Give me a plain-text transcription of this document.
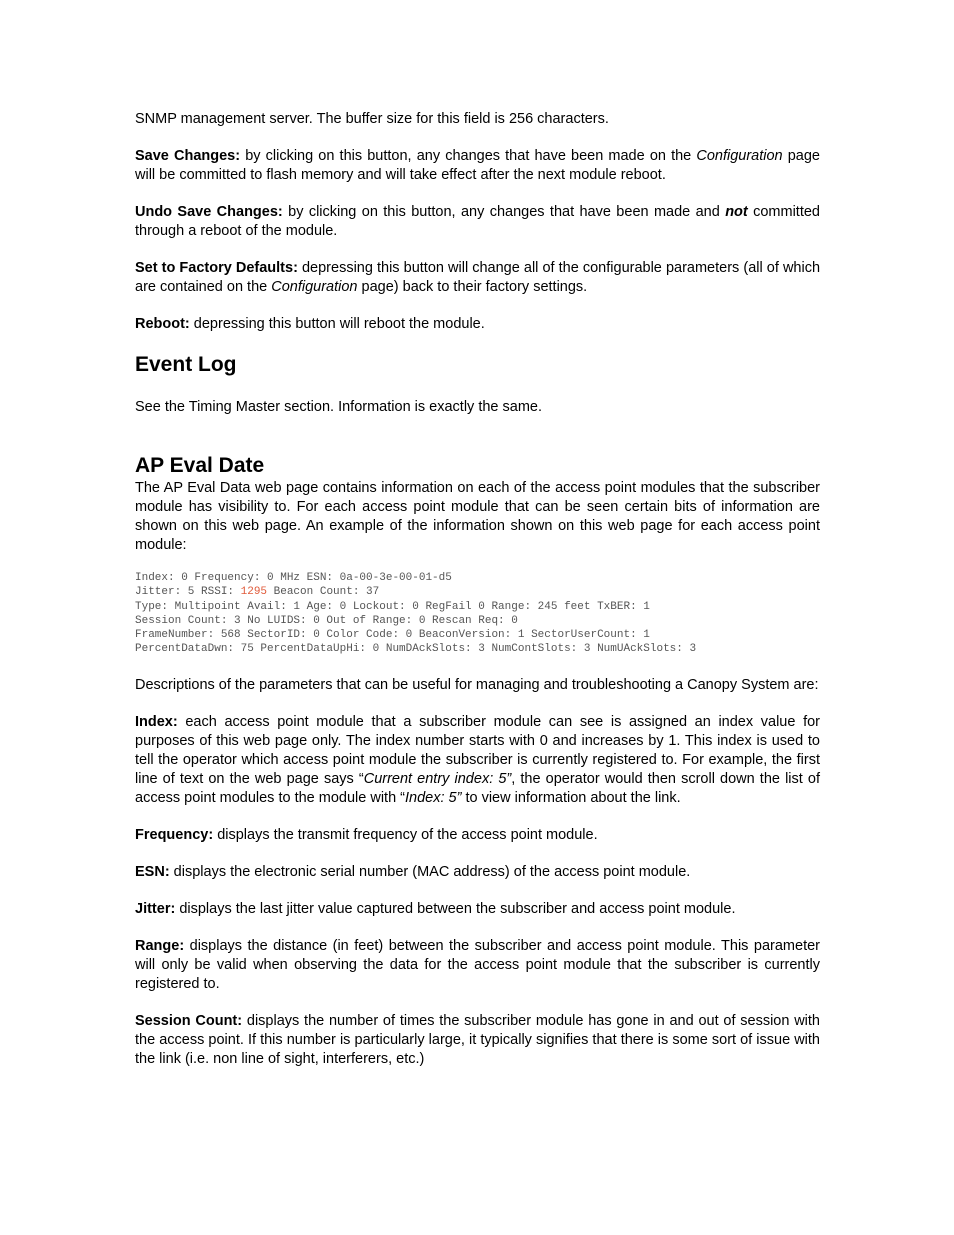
SNMP management server. The buffer size for this field is 256 characters.

Save Changes: by clicking on this button, any changes that have been made on the Configuration page will be committed to flash memory and will take effect after the next module reboot.

Undo Save Changes: by clicking on this button, any changes that have been made and not committed through a reboot of the module.

Set to Factory Defaults: depressing this button will change all of the configurable parameters (all of which are contained on the Configuration page) back to their factory settings.

Reboot: depressing this button will reboot the module.

Event Log

See the Timing Master section. Information is exactly the same.

AP Eval Date

The AP Eval Data web page contains information on each of the access point modules that the subscriber module has visibility to. For each access point module that can be seen certain bits of information are shown on this web page. An example of the information shown on this web page for each access point module:

Index: 0 Frequency: 0 MHz ESN: 0a-00-3e-00-01-d5
Jitter: 5 RSSI: 1295 Beacon Count: 37
Type: Multipoint Avail: 1 Age: 0 Lockout: 0 RegFail 0 Range: 245 feet TxBER: 1
Session Count: 3 No LUIDS: 0 Out of Range: 0 Rescan Req: 0
FrameNumber: 568 SectorID: 0 Color Code: 0 BeaconVersion: 1 SectorUserCount: 1
PercentDataDwn: 75 PercentDataUpHi: 0 NumDAckSlots: 3 NumContSlots: 3 NumUAckSlots: 3

Descriptions of the parameters that can be useful for managing and troubleshooting a Canopy System are:

Index: each access point module that a subscriber module can see is assigned an index value for purposes of this web page only. The index number starts with 0 and increases by 1. This index is used to tell the operator which access point module the subscriber is currently registered to. For example, the first line of text on the web page says “Current entry index: 5”, the operator would then scroll down the list of access point modules to the module with “Index: 5” to view information about the link.

Frequency: displays the transmit frequency of the access point module.

ESN: displays the electronic serial number (MAC address) of the access point module.

Jitter: displays the last jitter value captured between the subscriber and access point module.

Range: displays the distance (in feet) between the subscriber and access point module. This parameter will only be valid when observing the data for the access point module that the subscriber is currently registered to.

Session Count: displays the number of times the subscriber module has gone in and out of session with the access point. If this number is particularly large, it typically signifies that there is some sort of issue with the link (i.e. non line of sight, interferers, etc.)
